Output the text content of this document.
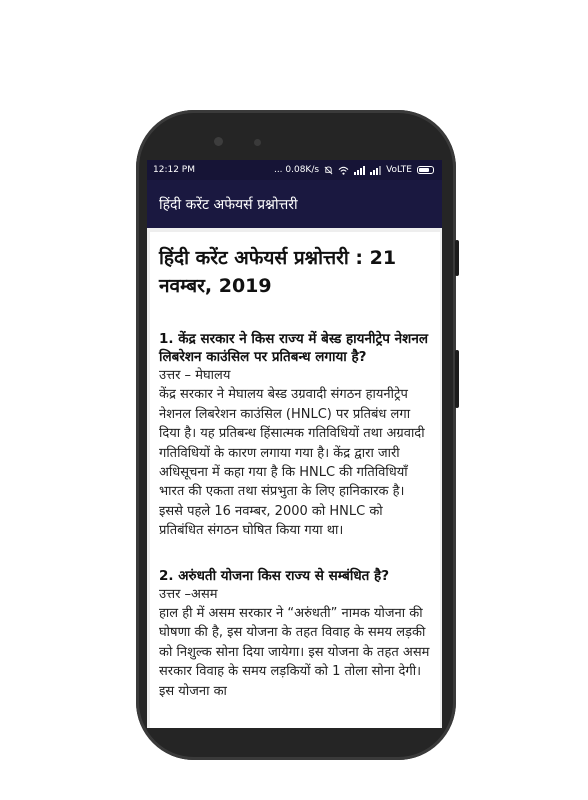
12:12 PM	... 0.08K/s	VoLTE
हिंदी करेंट अफेयर्स प्रश्नोत्तरी
हिंदी करेंट अफेयर्स प्रश्नोत्तरी : 21 नवम्बर, 2019

1. केंद्र सरकार ने किस राज्य में बेस्ड हायनीट्रेप नेशनल लिबरेशन काउंसिल पर प्रतिबन्ध लगाया है?

उत्तर – मेघालय

केंद्र सरकार ने मेघालय बेस्ड उग्रवादी संगठन हायनीट्रेप नेशनल लिबरेशन काउंसिल (HNLC) पर प्रतिबंध लगा दिया है। यह प्रतिबन्ध हिंसात्मक गतिविधियों तथा अग्रवादी गतिविधियों के कारण लगाया गया है। केंद्र द्वारा जारी अधिसूचना में कहा गया है कि HNLC की गतिविधियाँ भारत की एकता तथा संप्रभुता के लिए हानिकारक है। इससे पहले 16 नवम्बर, 2000 को HNLC को प्रतिबंधित संगठन घोषित किया गया था।

2. अरुंधती योजना किस राज्य से सम्बंधित है?

उत्तर –असम

हाल ही में असम सरकार ने “अरुंधती” नामक योजना की घोषणा की है, इस योजना के तहत विवाह के समय लड़की को निशुल्क सोना दिया जायेगा। इस योजना के तहत असम सरकार विवाह के समय लड़कियों को 1 तोला सोना देगी। इस योजना का
